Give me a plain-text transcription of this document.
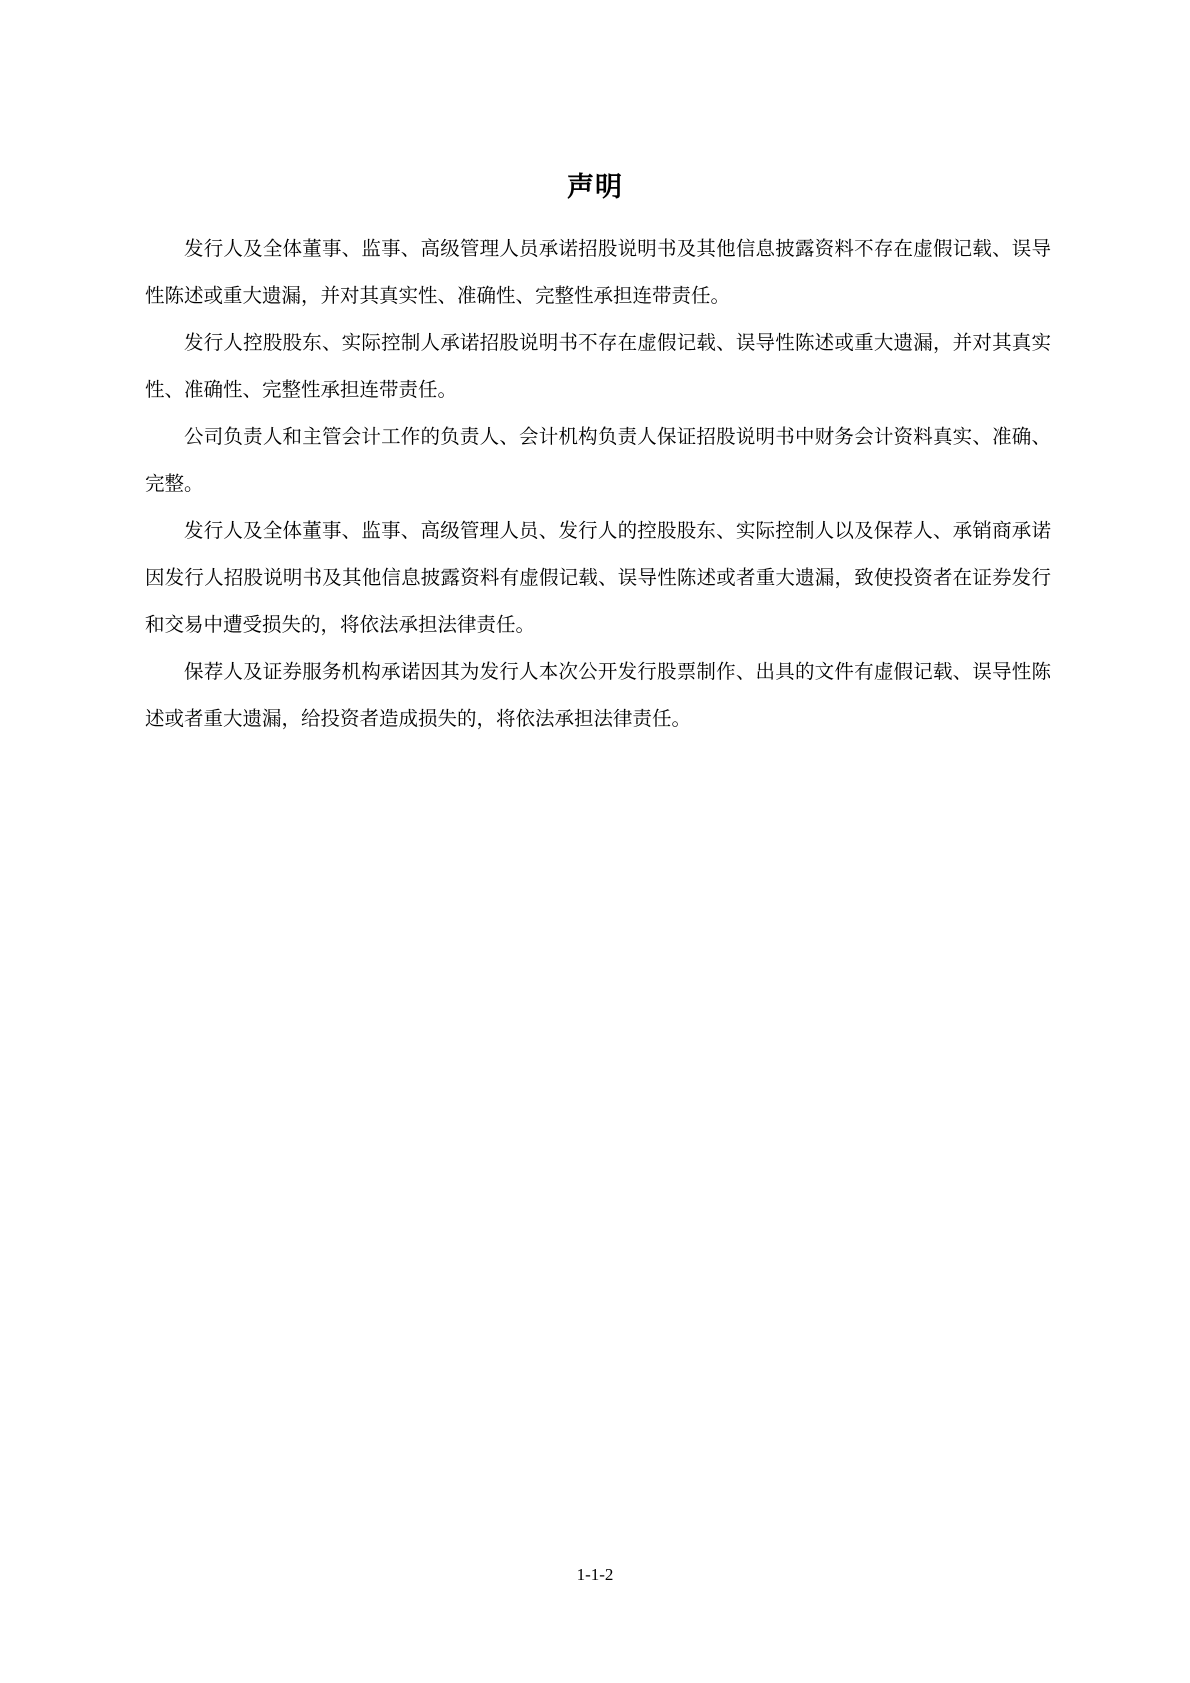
声明

发行人及全体董事、监事、高级管理人员承诺招股说明书及其他信息披露资料不存在虚假记载、误导性陈述或重大遗漏，并对其真实性、准确性、完整性承担连带责任。

发行人控股股东、实际控制人承诺招股说明书不存在虚假记载、误导性陈述或重大遗漏，并对其真实性、准确性、完整性承担连带责任。

公司负责人和主管会计工作的负责人、会计机构负责人保证招股说明书中财务会计资料真实、准确、完整。

发行人及全体董事、监事、高级管理人员、发行人的控股股东、实际控制人以及保荐人、承销商承诺因发行人招股说明书及其他信息披露资料有虚假记载、误导性陈述或者重大遗漏，致使投资者在证券发行和交易中遭受损失的，将依法承担法律责任。

保荐人及证券服务机构承诺因其为发行人本次公开发行股票制作、出具的文件有虚假记载、误导性陈述或者重大遗漏，给投资者造成损失的，将依法承担法律责任。

1-1-2
